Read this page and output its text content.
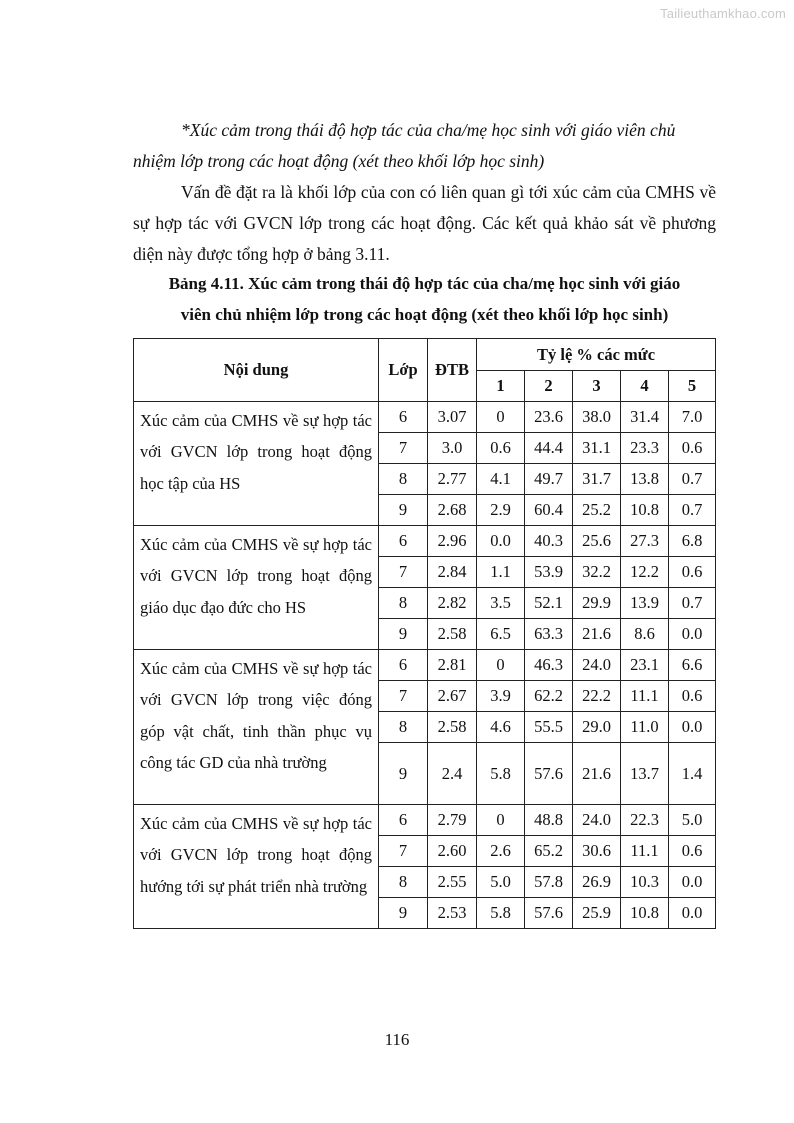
Tailieuthamkhao.com

*Xúc cảm trong thái độ hợp tác của cha/mẹ học sinh với giáo viên chủ nhiệm lớp trong các hoạt động (xét theo khối lớp học sinh)

Vấn đề đặt ra là khối lớp của con có liên quan gì tới xúc cảm của CMHS về sự hợp tác với GVCN lớp trong các hoạt động. Các kết quả khảo sát về phương diện này được tổng hợp ở bảng 3.11.

Bảng 4.11. Xúc cảm trong thái độ hợp tác của cha/mẹ học sinh với giáo
viên chủ nhiệm lớp trong các hoạt động (xét theo khối lớp học sinh)

Nội dung	Lớp	ĐTB	Tỷ lệ % các mức				
			1	2	3	4	5
Xúc cảm của CMHS về sự hợp tác với GVCN lớp trong hoạt động học tập của HS	6	3.07	0	23.6	38.0	31.4	7.0
	7	3.0	0.6	44.4	31.1	23.3	0.6
	8	2.77	4.1	49.7	31.7	13.8	0.7
	9	2.68	2.9	60.4	25.2	10.8	0.7
Xúc cảm của CMHS về sự hợp tác với GVCN lớp trong hoạt động giáo dục đạo đức cho HS	6	2.96	0.0	40.3	25.6	27.3	6.8
	7	2.84	1.1	53.9	32.2	12.2	0.6
	8	2.82	3.5	52.1	29.9	13.9	0.7
	9	2.58	6.5	63.3	21.6	8.6	0.0
Xúc cảm của CMHS về sự hợp tác với GVCN lớp trong việc đóng góp vật chất, tinh thần phục vụ công tác GD của nhà trường	6	2.81	0	46.3	24.0	23.1	6.6
	7	2.67	3.9	62.2	22.2	11.1	0.6
	8	2.58	4.6	55.5	29.0	11.0	0.0
	9	2.4	5.8	57.6	21.6	13.7	1.4
Xúc cảm của CMHS về sự hợp tác với GVCN lớp trong hoạt động hướng tới sự phát triển nhà trường	6	2.79	0	48.8	24.0	22.3	5.0
	7	2.60	2.6	65.2	30.6	11.1	0.6
	8	2.55	5.0	57.8	26.9	10.3	0.0
	9	2.53	5.8	57.6	25.9	10.8	0.0
116
